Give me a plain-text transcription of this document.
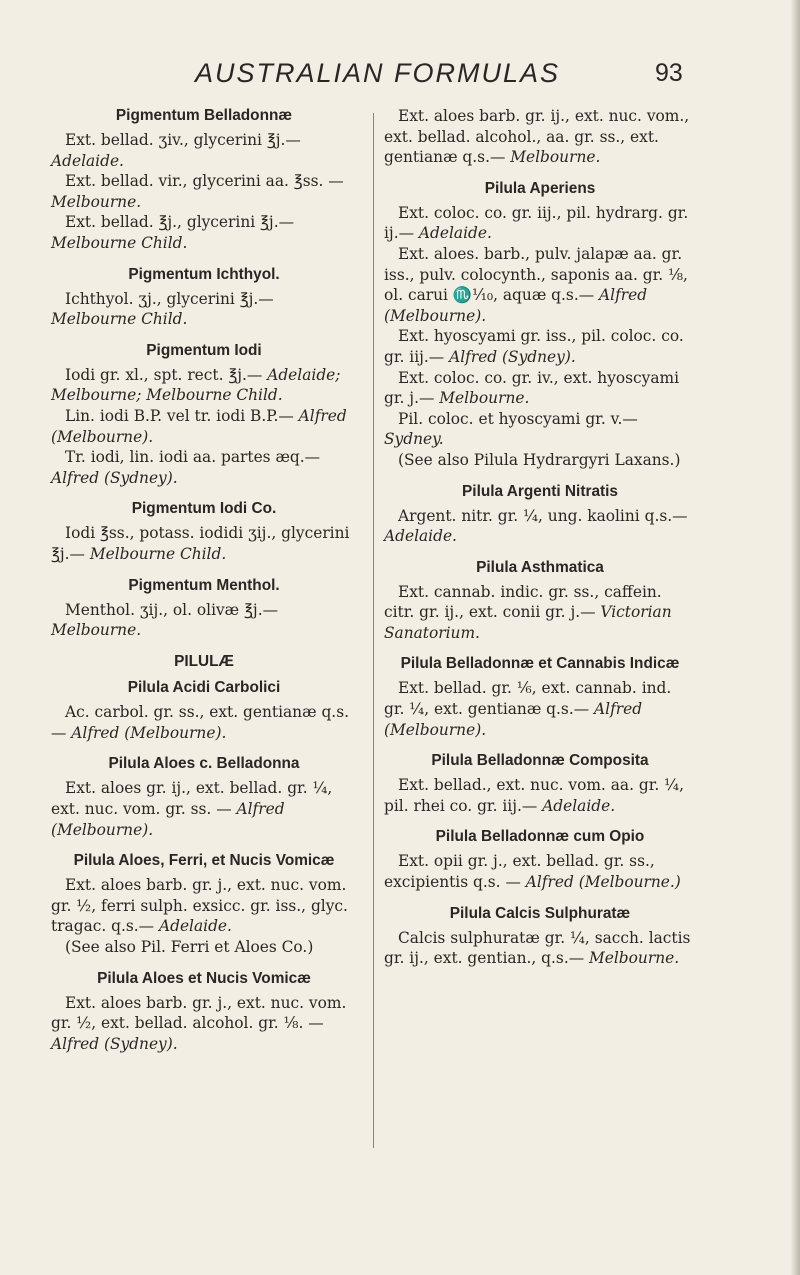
AUSTRALIAN FORMULAS	93
Pigmentum Belladonnæ

Ext. bellad. ʒiv., glycerini ℥j.— Adelaide.

Ext. bellad. vir., glycerini aa. ℥ss. — Melbourne.

Ext. bellad. ℥j., glycerini ℥j.— Melbourne Child.

Pigmentum Ichthyol.

Ichthyol. ʒj., glycerini ℥j.— Melbourne Child.

Pigmentum Iodi

Iodi gr. xl., spt. rect. ℥j.— Adelaide; Melbourne; Melbourne Child.

Lin. iodi B.P. vel tr. iodi B.P.— Alfred (Melbourne).

Tr. iodi, lin. iodi aa. partes æq.— Alfred (Sydney).

Pigmentum Iodi Co.

Iodi ℥ss., potass. iodidi ʒij., glycerini ℥j.— Melbourne Child.

Pigmentum Menthol.

Menthol. ʒij., ol. olivæ ℥j.— Melbourne.

PILULÆ
Pilula Acidi Carbolici

Ac. carbol. gr. ss., ext. gentianæ q.s.— Alfred (Melbourne).

Pilula Aloes c. Belladonna

Ext. aloes gr. ij., ext. bellad. gr. ¼, ext. nuc. vom. gr. ss. — Alfred (Melbourne).

Pilula Aloes, Ferri, et Nucis Vomicæ

Ext. aloes barb. gr. j., ext. nuc. vom. gr. ½, ferri sulph. exsicc. gr. iss., glyc. tragac. q.s.— Adelaide.

(See also Pil. Ferri et Aloes Co.)

Pilula Aloes et Nucis Vomicæ

Ext. aloes barb. gr. j., ext. nuc. vom. gr. ½, ext. bellad. alcohol. gr. ⅛. — Alfred (Sydney).

Ext. aloes barb. gr. ij., ext. nuc. vom., ext. bellad. alcohol., aa. gr. ss., ext. gentianæ q.s.— Melbourne.

Pilula Aperiens

Ext. coloc. co. gr. iij., pil. hydrarg. gr. ij.— Adelaide.

Ext. aloes. barb., pulv. jalapæ aa. gr. iss., pulv. colocynth., saponis aa. gr. ⅛, ol. carui ♏⅒, aquæ q.s.— Alfred (Melbourne).

Ext. hyoscyami gr. iss., pil. coloc. co. gr. iij.— Alfred (Sydney).

Ext. coloc. co. gr. iv., ext. hyoscyami gr. j.— Melbourne.

Pil. coloc. et hyoscyami gr. v.— Sydney.

(See also Pilula Hydrargyri Laxans.)

Pilula Argenti Nitratis

Argent. nitr. gr. ¼, ung. kaolini q.s.— Adelaide.

Pilula Asthmatica

Ext. cannab. indic. gr. ss., caffein. citr. gr. ij., ext. conii gr. j.— Victorian Sanatorium.

Pilula Belladonnæ et Cannabis Indicæ

Ext. bellad. gr. ⅙, ext. cannab. ind. gr. ¼, ext. gentianæ q.s.— Alfred (Melbourne).

Pilula Belladonnæ Composita

Ext. bellad., ext. nuc. vom. aa. gr. ¼, pil. rhei co. gr. iij.— Adelaide.

Pilula Belladonnæ cum Opio

Ext. opii gr. j., ext. bellad. gr. ss., excipientis q.s. — Alfred (Melbourne.)

Pilula Calcis Sulphuratæ

Calcis sulphuratæ gr. ¼, sacch. lactis gr. ij., ext. gentian., q.s.— Melbourne.
